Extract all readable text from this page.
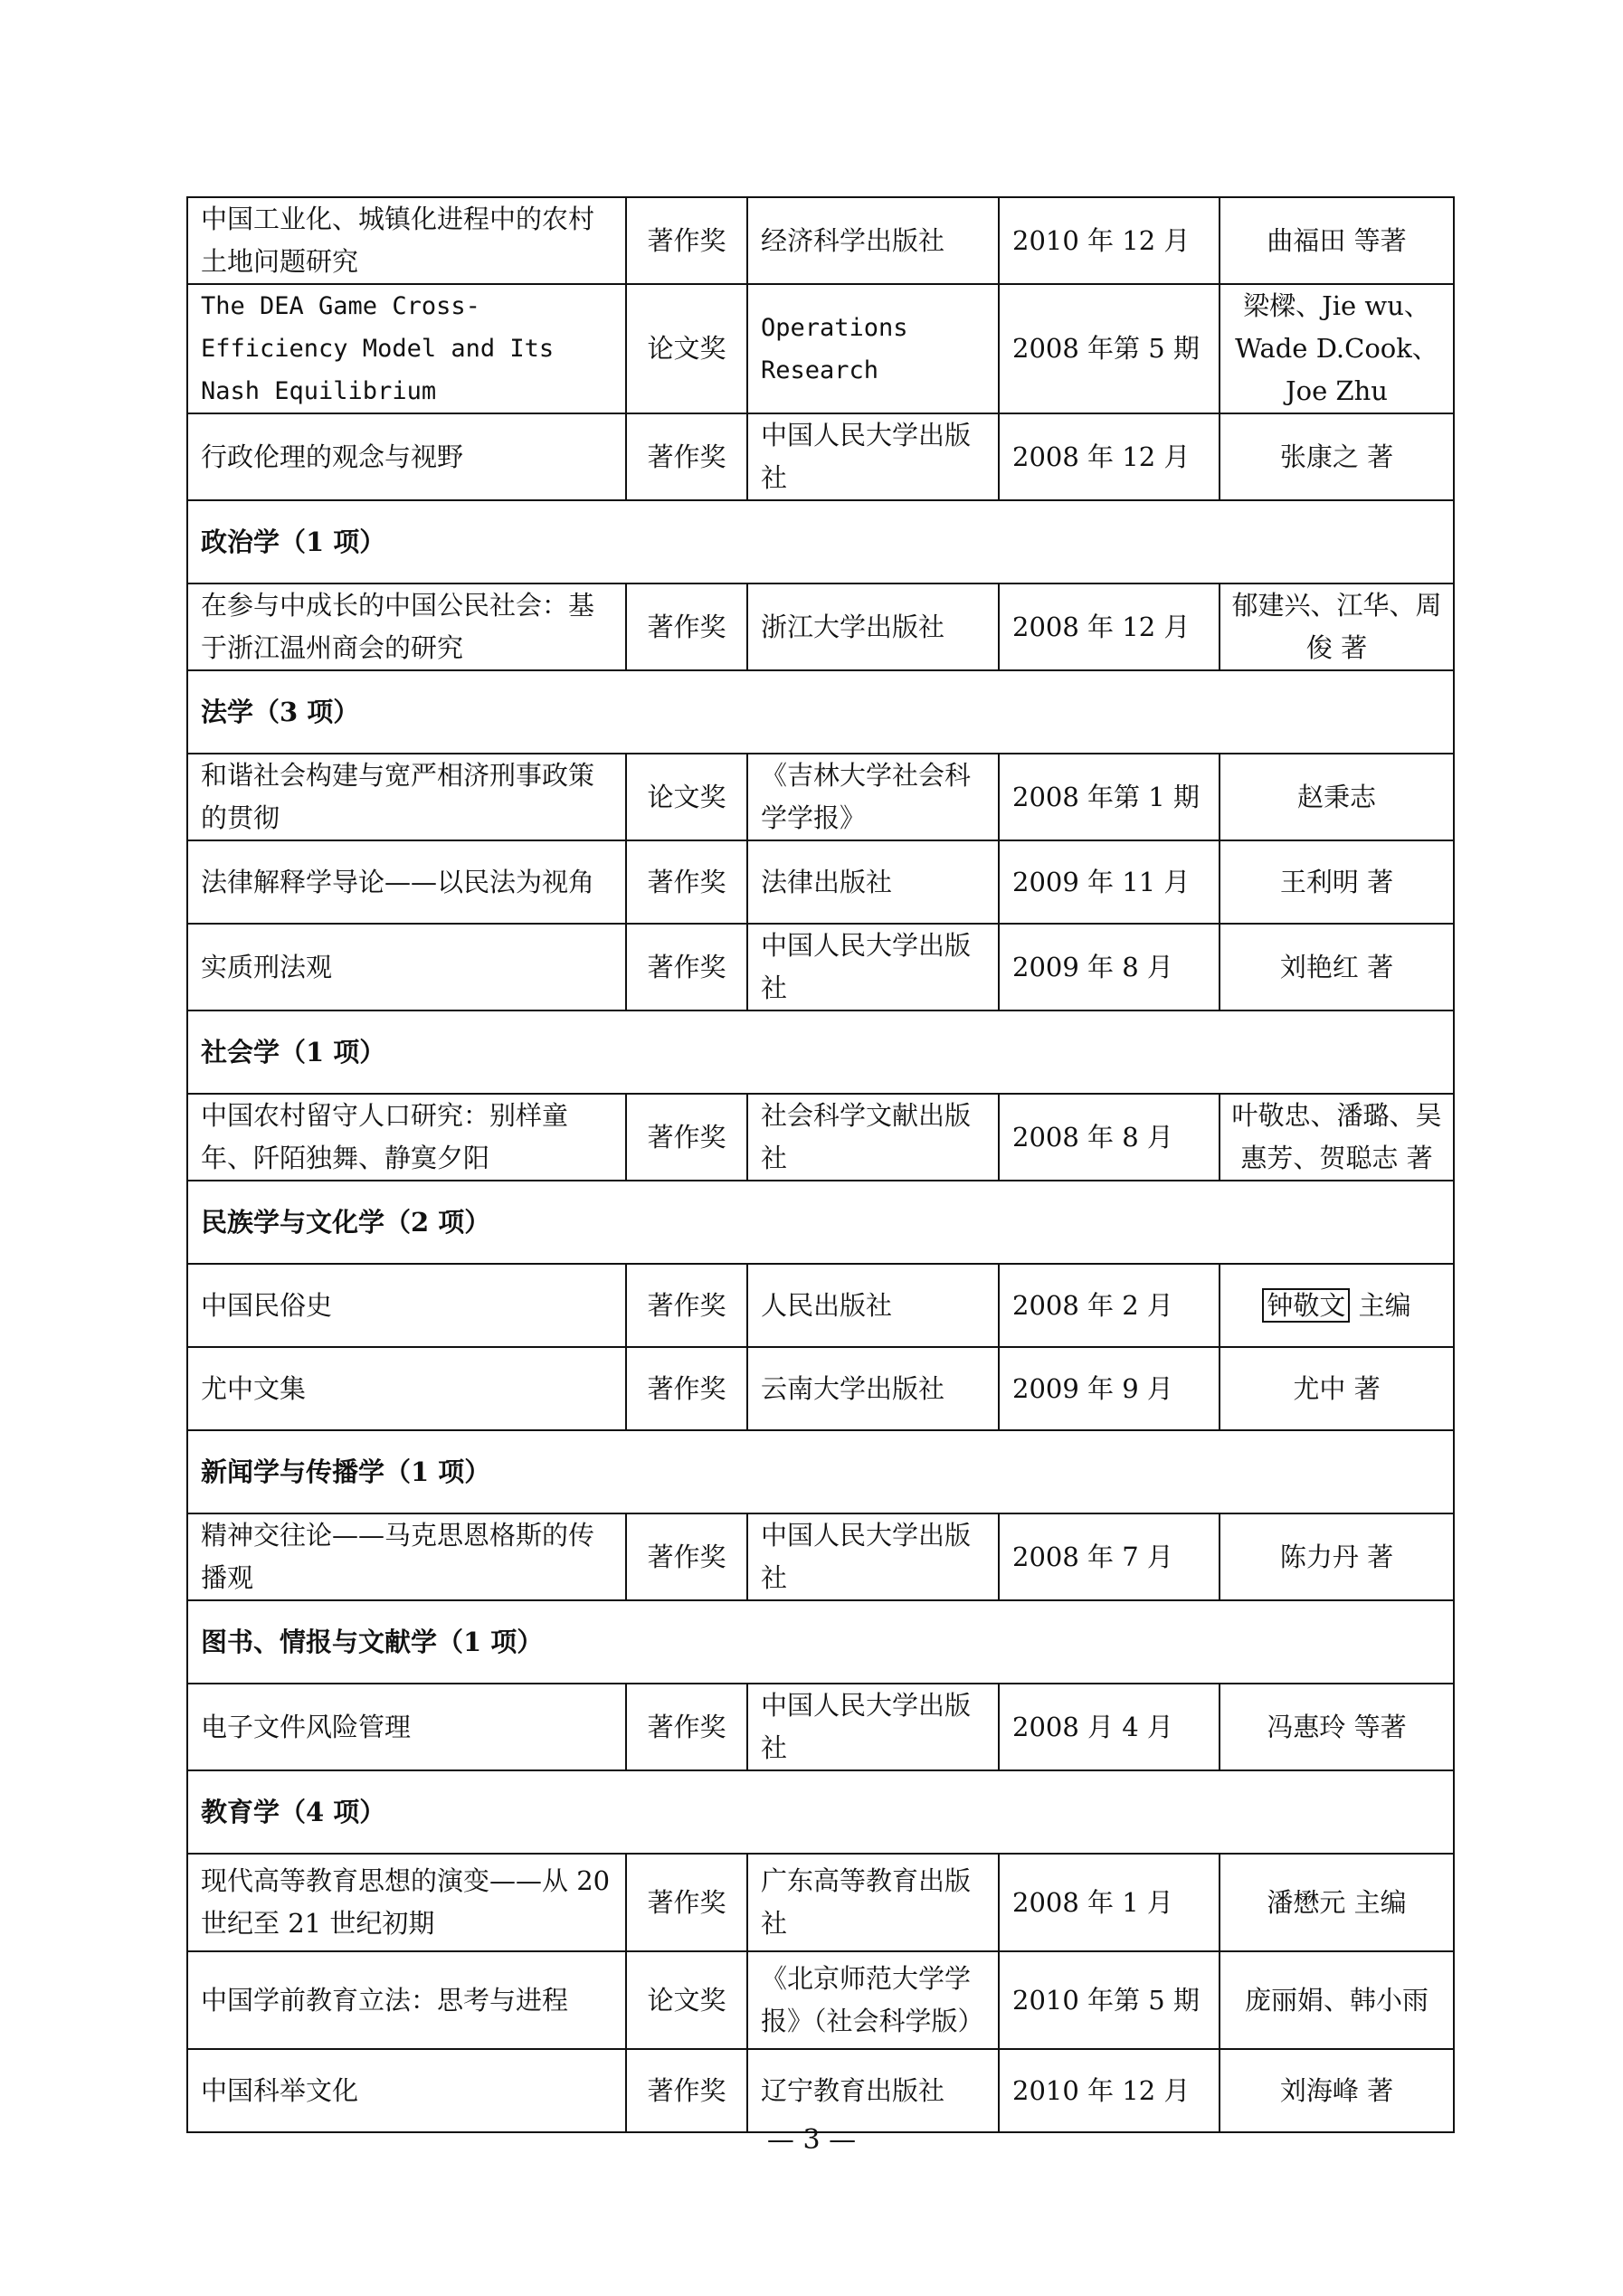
中国工业化、城镇化进程中的农村土地问题研究	著作奖	经济科学出版社	2010 年 12 月	曲福田 等著
The DEA Game Cross-Efficiency Model and Its Nash Equilibrium	论文奖	Operations Research	2008 年第 5 期	梁樑、Jie wu、Wade D.Cook、Joe Zhu
行政伦理的观念与视野	著作奖	中国人民大学出版社	2008 年 12 月	张康之 著
政治学（1 项）				
在参与中成长的中国公民社会：基于浙江温州商会的研究	著作奖	浙江大学出版社	2008 年 12 月	郁建兴、江华、周俊 著
法学（3 项）				
和谐社会构建与宽严相济刑事政策的贯彻	论文奖	《吉林大学社会科学学报》	2008 年第 1 期	赵秉志
法律解释学导论——以民法为视角	著作奖	法律出版社	2009 年 11 月	王利明 著
实质刑法观	著作奖	中国人民大学出版社	2009 年 8 月	刘艳红 著
社会学（1 项）				
中国农村留守人口研究：别样童年、阡陌独舞、静寞夕阳	著作奖	社会科学文献出版社	2008 年 8 月	叶敬忠、潘璐、吴惠芳、贺聪志 著
民族学与文化学（2 项）				
中国民俗史	著作奖	人民出版社	2008 年 2 月	钟敬文 主编
尤中文集	著作奖	云南大学出版社	2009 年 9 月	尤中 著
新闻学与传播学（1 项）				
精神交往论——马克思恩格斯的传播观	著作奖	中国人民大学出版社	2008 年 7 月	陈力丹 著
图书、情报与文献学（1 项）				
电子文件风险管理	著作奖	中国人民大学出版社	2008 月 4 月	冯惠玲 等著
教育学（4 项）				
现代高等教育思想的演变——从 20 世纪至 21 世纪初期	著作奖	广东高等教育出版社	2008 年 1 月	潘懋元 主编
中国学前教育立法：思考与进程	论文奖	《北京师范大学学报》（社会科学版）	2010 年第 5 期	庞丽娟、韩小雨
中国科举文化	著作奖	辽宁教育出版社	2010 年 12 月	刘海峰 著
— 3 —
